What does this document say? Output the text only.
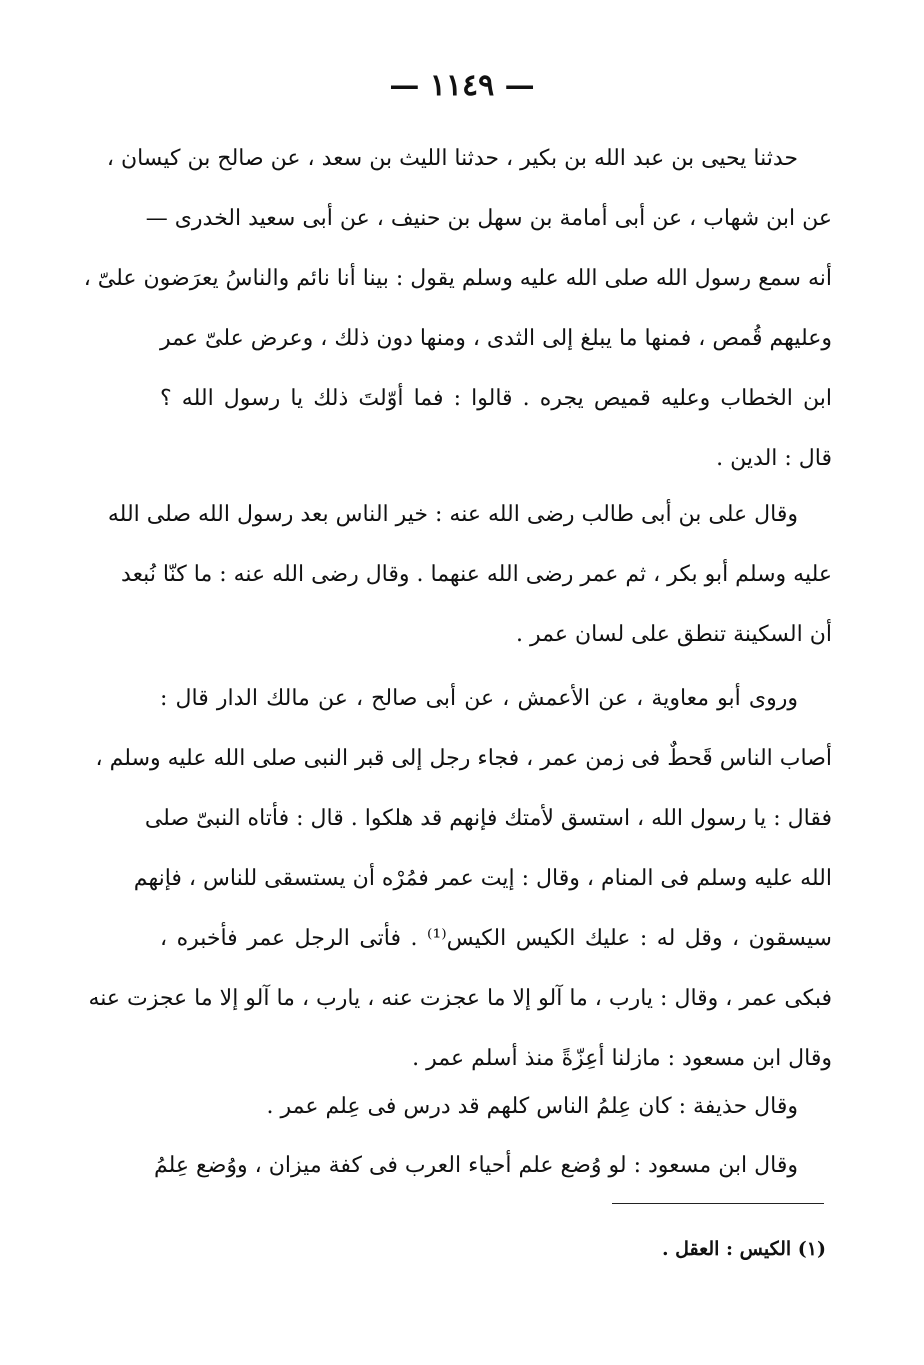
— ١١٤٩ —
حدثنا يحيى بن عبد الله بن بكير ، حدثنا الليث بن سعد ، عن صالح بن كيسان ،
عن ابن شهاب ، عن أبى أمامة بن سهل بن حنيف ، عن أبى سعيد الخدرى —
أنه سمع رسول الله صلى الله عليه وسلم يقول : بينا أنا نائم والناسُ يعرَضون علىّ ،
وعليهم قُمص ، فمنها ما يبلغ إلى الثدى ، ومنها دون ذلك ، وعرض علىّ عمر
ابن الخطاب وعليه قميص يجره . قالوا : فما أوّلتَ ذلك يا رسول الله ؟
قال : الدين .
وقال على بن أبى طالب رضى الله عنه : خير الناس بعد رسول الله صلى الله
عليه وسلم أبو بكر ، ثم عمر رضى الله عنهما . وقال رضى الله عنه : ما كنّا نُبعد
أن السكينة تنطق على لسان عمر .
وروى أبو معاوية ، عن الأعمش ، عن أبى صالح ، عن مالك الدار قال :
أصاب الناس قَحطٌ فى زمن عمر ، فجاء رجل إلى قبر النبى صلى الله عليه وسلم ،
فقال : يا رسول الله ، استسق لأمتك فإنهم قد هلكوا . قال : فأتاه النبىّ صلى
الله عليه وسلم فى المنام ، وقال : إيت عمر فمُرْه أن يستسقى للناس ، فإنهم
سيسقون ، وقل له : عليك الكيس الكيس⁽¹⁾ . فأتى الرجل عمر فأخبره ،
فبكى عمر ، وقال : يارب ، ما آلو إلا ما عجزت عنه ، يارب ، ما آلو إلا ما عجزت عنه
وقال ابن مسعود : مازلنا أعِزّةً منذ أسلم عمر .
وقال حذيفة : كان عِلمُ الناس كلهم قد درس فى عِلم عمر .
وقال ابن مسعود : لو وُضع علم أحياء العرب فى كفة ميزان ، ووُضع عِلمُ
(١) الكيس : العقل .
